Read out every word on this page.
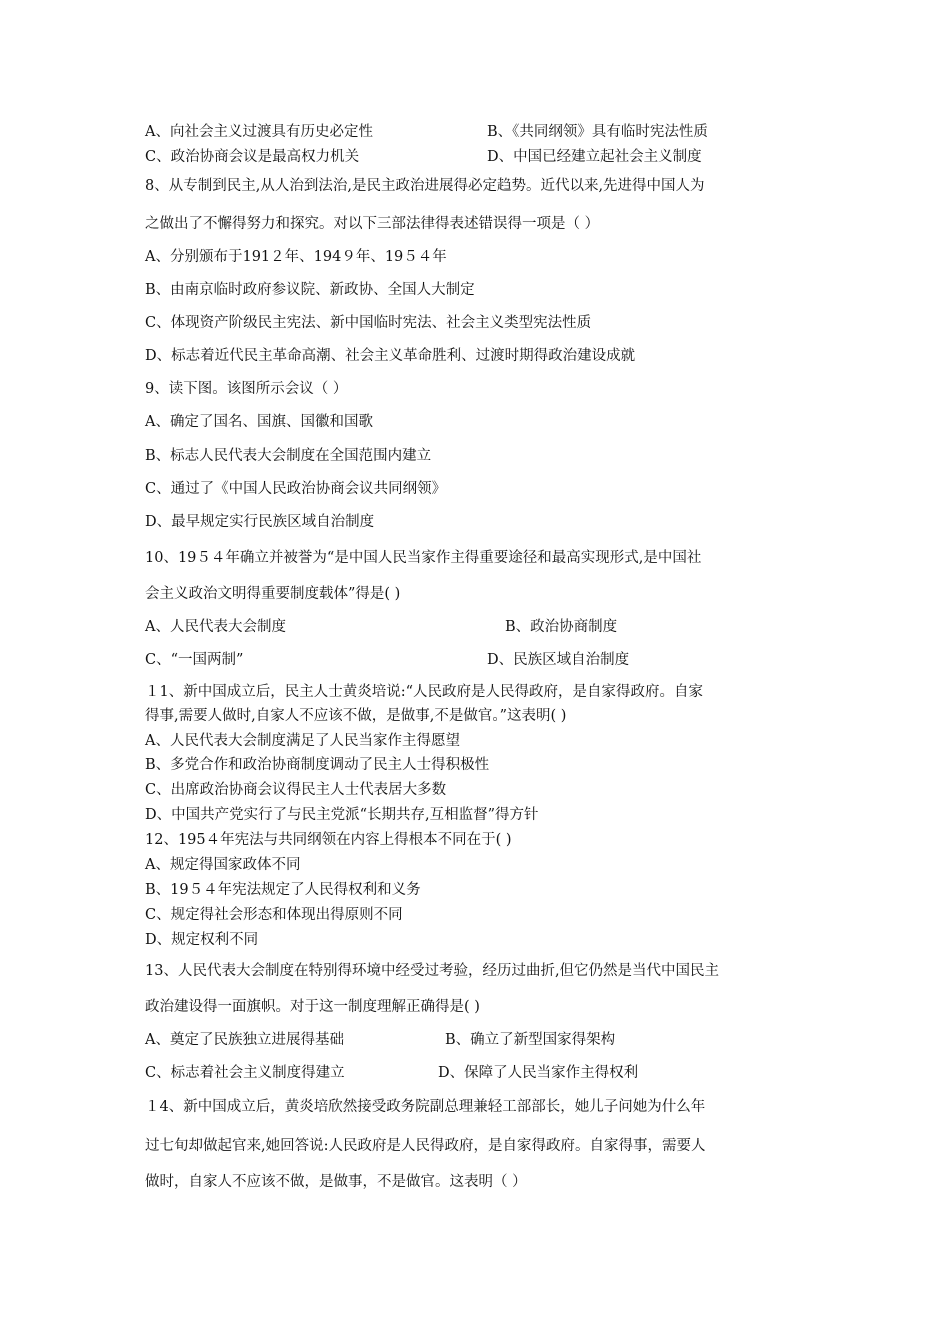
A、向社会主义过渡具有历史必定性	B、《共同纲领》具有临时宪法性质
C、政治协商会议是最高权力机关	D、中国已经建立起社会主义制度
8、从专制到民主,从人治到法治,是民主政治进展得必定趋势。近代以来,先进得中国人为
之做出了不懈得努力和探究。对以下三部法律得表述错误得一项是（ ）
A、分别颁布于191２年、194９年、19５４年
B、由南京临时政府参议院、新政协、全国人大制定
C、体现资产阶级民主宪法、新中国临时宪法、社会主义类型宪法性质
D、标志着近代民主革命高潮、社会主义革命胜利、过渡时期得政治建设成就
9、读下图。该图所示会议（ ）
A、确定了国名、国旗、国徽和国歌
B、标志人民代表大会制度在全国范围内建立
C、通过了《中国人民政治协商会议共同纲领》
D、最早规定实行民族区域自治制度
10、19５４年确立并被誉为“是中国人民当家作主得重要途径和最高实现形式,是中国社
会主义政治文明得重要制度载体”得是( )
A、人民代表大会制度	B、政治协商制度
C、“一国两制”	D、民族区域自治制度
１1、新中国成立后，民主人士黄炎培说:“人民政府是人民得政府，是自家得政府。自家
得事,需要人做时,自家人不应该不做，是做事,不是做官。”这表明( )
A、人民代表大会制度满足了人民当家作主得愿望
B、多党合作和政治协商制度调动了民主人士得积极性
C、出席政治协商会议得民主人士代表居大多数
D、中国共产党实行了与民主党派“长期共存,互相监督”得方针
12、195４年宪法与共同纲领在内容上得根本不同在于( )
A、规定得国家政体不同
B、19５４年宪法规定了人民得权利和义务
C、规定得社会形态和体现出得原则不同
D、规定权利不同
13、人民代表大会制度在特别得环境中经受过考验，经历过曲折,但它仍然是当代中国民主
政治建设得一面旗帜。对于这一制度理解正确得是( )
A、奠定了民族独立进展得基础	B、确立了新型国家得架构
C、标志着社会主义制度得建立	D、保障了人民当家作主得权利
１4、新中国成立后，黄炎培欣然接受政务院副总理兼轻工部部长，她儿子问她为什么年
过七旬却做起官来,她回答说:人民政府是人民得政府，是自家得政府。自家得事，需要人
做时，自家人不应该不做，是做事，不是做官。这表明（ ）
